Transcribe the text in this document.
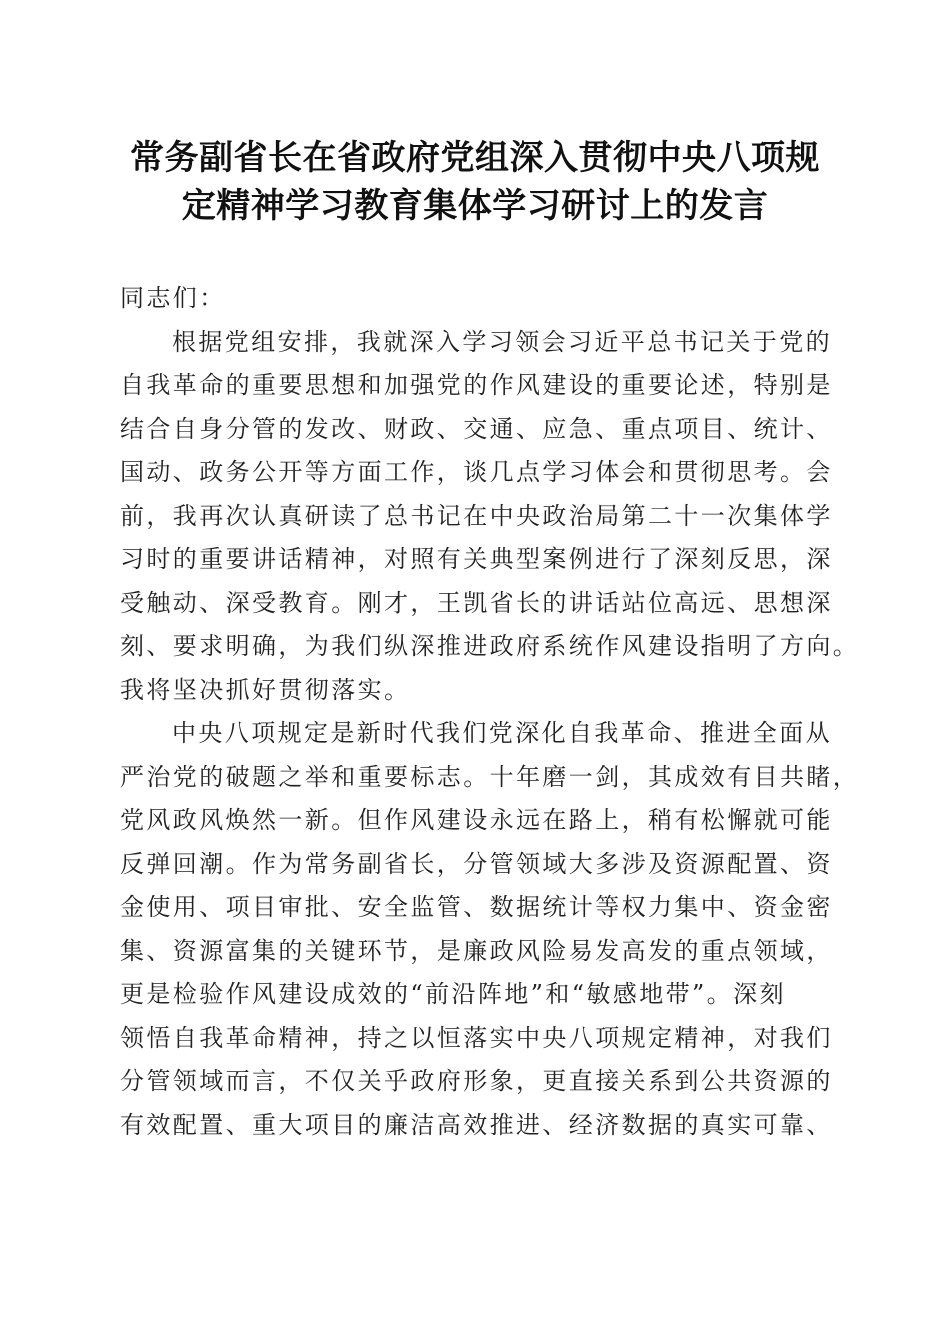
常务副省长在省政府党组深入贯彻中央八项规
定精神学习教育集体学习研讨上的发言
同志们：
根据党组安排，我就深入学习领会习近平总书记关于党的
自我革命的重要思想和加强党的作风建设的重要论述，特别是
结合自身分管的发改、财政、交通、应急、重点项目、统计、
国动、政务公开等方面工作，谈几点学习体会和贯彻思考。会
前，我再次认真研读了总书记在中央政治局第二十一次集体学
习时的重要讲话精神，对照有关典型案例进行了深刻反思，深
受触动、深受教育。刚才，王凯省长的讲话站位高远、思想深
刻、要求明确，为我们纵深推进政府系统作风建设指明了方向。
我将坚决抓好贯彻落实。
中央八项规定是新时代我们党深化自我革命、推进全面从
严治党的破题之举和重要标志。十年磨一剑，其成效有目共睹，
党风政风焕然一新。但作风建设永远在路上，稍有松懈就可能
反弹回潮。作为常务副省长，分管领域大多涉及资源配置、资
金使用、项目审批、安全监管、数据统计等权力集中、资金密
集、资源富集的关键环节，是廉政风险易发高发的重点领域，
更是检验作风建设成效的“前沿阵地”和“敏感地带”。深刻
领悟自我革命精神，持之以恒落实中央八项规定精神，对我们
分管领域而言，不仅关乎政府形象，更直接关系到公共资源的
有效配置、重大项目的廉洁高效推进、经济数据的真实可靠、
